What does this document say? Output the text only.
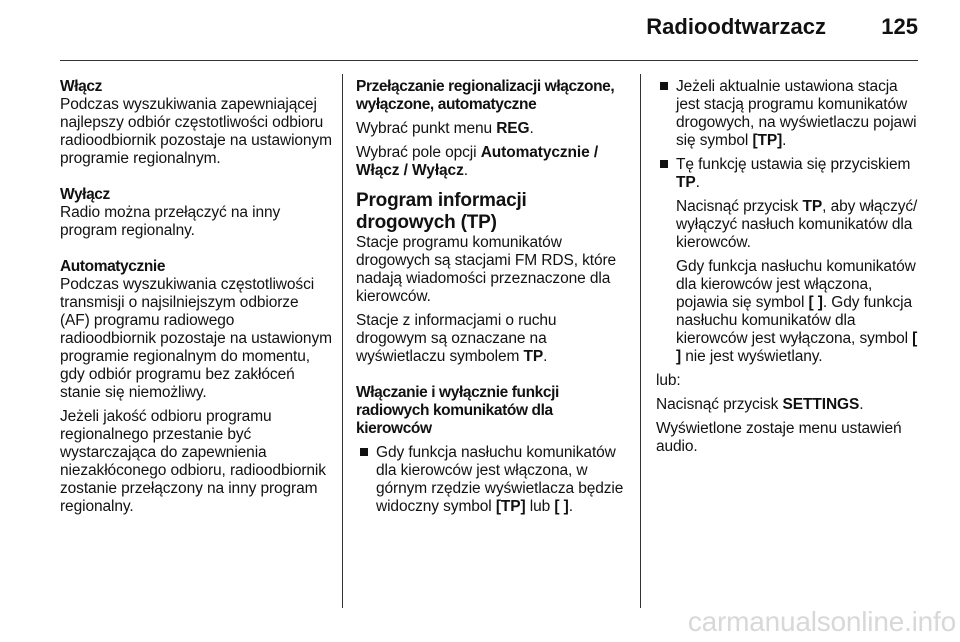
Radioodtwarzacz	125

Włącz

Podczas wyszukiwania zapewniającej najlepszy odbiór częstotliwości odbioru radioodbiornik pozostaje na ustawionym programie regionalnym.

Wyłącz

Radio można przełączyć na inny program regionalny.

Automatycznie

Podczas wyszukiwania częstotliwości transmisji o najsilniejszym odbiorze (AF) programu radiowego radioodbiornik pozostaje na ustawionym programie regionalnym do momentu, gdy odbiór programu bez zakłóceń stanie się niemożliwy.

Jeżeli jakość odbioru programu regionalnego przestanie być wystarczająca do zapewnienia niezakłóconego odbioru, radioodbiornik zostanie przełączony na inny program regionalny.

Przełączanie regionalizacji włączone, wyłączone, automatyczne

Wybrać punkt menu REG.

Wybrać pole opcji Automatycznie / Włącz / Wyłącz.

Program informacji drogowych (TP)

Stacje programu komunikatów drogowych są stacjami FM RDS, które nadają wiadomości przeznaczone dla kierowców.

Stacje z informacjami o ruchu drogowym są oznaczane na wyświetlaczu symbolem TP.

Włączanie i wyłącznie funkcji radiowych komunikatów dla kierowców

Gdy funkcja nasłuchu komunikatów dla kierowców jest włączona, w górnym rzędzie wyświetlacza będzie widoczny symbol [TP] lub [ ].

Jeżeli aktualnie ustawiona stacja jest stacją programu komunikatów drogowych, na wyświetlaczu pojawi się symbol [TP].

Tę funkcję ustawia się przyciskiem TP.

Nacisnąć przycisk TP, aby włączyć/ wyłączyć nasłuch komunikatów dla kierowców.

Gdy funkcja nasłuchu komunikatów dla kierowców jest włączona, pojawia się symbol [ ]. Gdy funkcja nasłuchu komunikatów dla kierowców jest wyłączona, symbol [ ] nie jest wyświetlany.

lub:

Nacisnąć przycisk SETTINGS.

Wyświetlone zostaje menu ustawień audio.

carmanualsonline.info
